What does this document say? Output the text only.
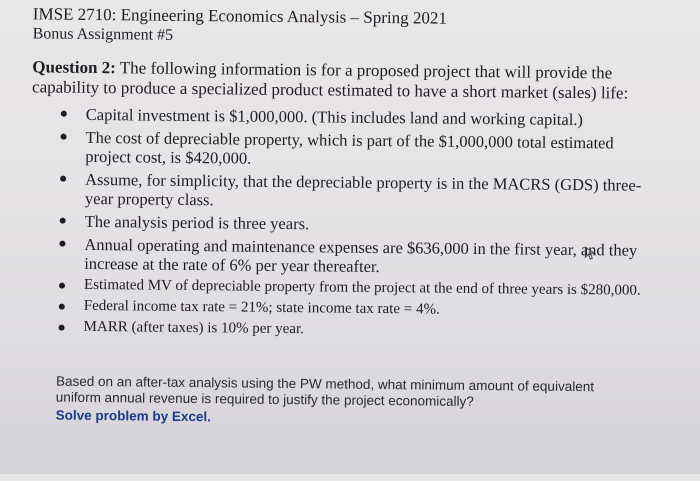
IMSE 2710: Engineering Economics Analysis – Spring 2021
Bonus Assignment #5
Question 2: The following information is for a proposed project that will provide the capability to produce a specialized product estimated to have a short market (sales) life:
Capital investment is $1,000,000. (This includes land and working capital.)
The cost of depreciable property, which is part of the $1,000,000 total estimated project cost, is $420,000.
Assume, for simplicity, that the depreciable property is in the MACRS (GDS) three-year property class.
The analysis period is three years.
Annual operating and maintenance expenses are $636,000 in the first year, and they increase at the rate of 6% per year thereafter.
Estimated MV of depreciable property from the project at the end of three years is $280,000.
Federal income tax rate = 21%; state income tax rate = 4%.
MARR (after taxes) is 10% per year.
Based on an after-tax analysis using the PW method, what minimum amount of equivalent uniform annual revenue is required to justify the project economically?
Solve problem by Excel.
